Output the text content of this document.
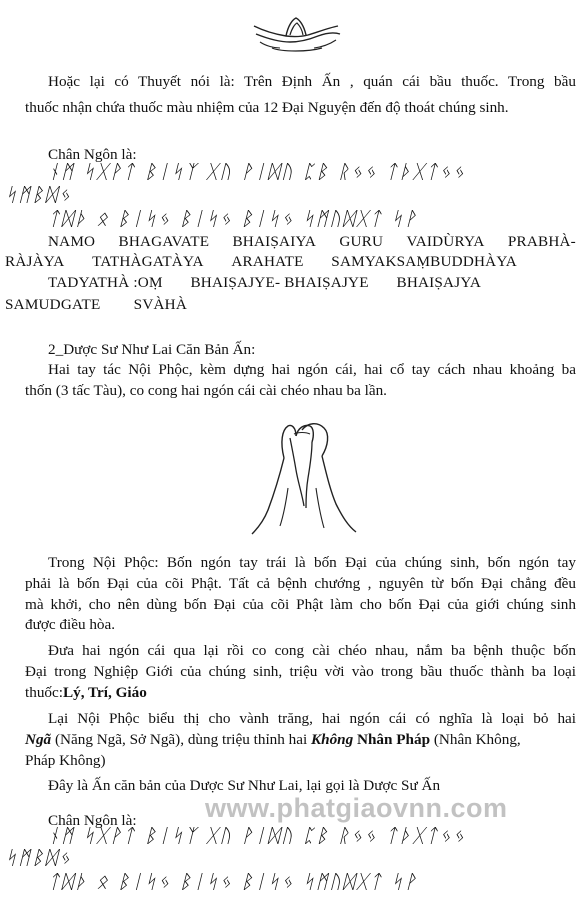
Hoặc lại có Thuyết nói là: Trên Định Ấn , quán cái bầu thuốc. Trong bầu
thuốc nhận chứa thuốc màu nhiệm của 12 Đại Nguyện đến độ thoát chúng sinh.
Chân Ngôn là:
ᚾᛗ ᛋᚷᚹᛏ ᛒᛁᛋᛉ ᚷᚢ ᚹᛁᛞᚢ ᛈᛒ ᚱᛃᛃ ᛏᚦᚷᛏᛃᛃ
ᛋᛗᛒᛞᛃ
ᛏᛞᚦ ᛟ ᛒᛁᛋᛃ ᛒᛁᛋᛃ ᛒᛁᛋᛃ ᛋᛗᚢᛞᚷᛏ ᛋᚹ
NAMO BHAGAVATE BHAIṢAIYA GURU VAIDÙRYA PRABHÀ-
RÀJÀYA TATHÀGATÀYA ARAHATE SAMYAKSAṂBUDDHÀYA
TADYATHÀ :OṂ BHAIṢAJYE- BHAIṢAJYE BHAIṢAJYA
SAMUDGATE SVÀHÀ
2_Dược Sư Như Lai Căn Bản Ấn:
Hai tay tác Nội Phộc, kèm dựng hai ngón cái, hai cổ tay cách nhau khoảng ba
thốn (3 tấc Tàu), co cong hai ngón cái cài chéo nhau ba lần.
Trong Nội Phộc: Bốn ngón tay trái là bốn Đại của chúng sinh, bốn ngón tay
phải là bốn Đại của cõi Phật. Tất cả bệnh chướng , nguyên từ bốn Đại chẳng đều
mà khởi, cho nên dùng bốn Đại của cõi Phật làm cho bốn Đại của giới chúng sinh
được điều hòa.
Đưa hai ngón cái qua lại rồi co cong cài chéo nhau, nắm ba bệnh thuộc bốn
Đại trong Nghiệp Giới của chúng sinh, triệu vời vào trong bầu thuốc thành ba loại
thuốc:Lý, Trí, Giáo
Lại Nội Phộc biểu thị cho vành trăng, hai ngón cái có nghĩa là loại bỏ hai
Ngã (Năng Ngã, Sở Ngã), dùng triệu thỉnh hai Không Nhân Pháp (Nhân Không,
Pháp Không)
Đây là Ấn căn bản của Dược Sư Như Lai, lại gọi là Dược Sư Ấn
Chân Ngôn là:
ᚾᛗ ᛋᚷᚹᛏ ᛒᛁᛋᛉ ᚷᚢ ᚹᛁᛞᚢ ᛈᛒ ᚱᛃᛃ ᛏᚦᚷᛏᛃᛃ
ᛋᛗᛒᛞᛃ
ᛏᛞᚦ ᛟ ᛒᛁᛋᛃ ᛒᛁᛋᛃ ᛒᛁᛋᛃ ᛋᛗᚢᛞᚷᛏ ᛋᚹ
www.phatgiaovnn.com
